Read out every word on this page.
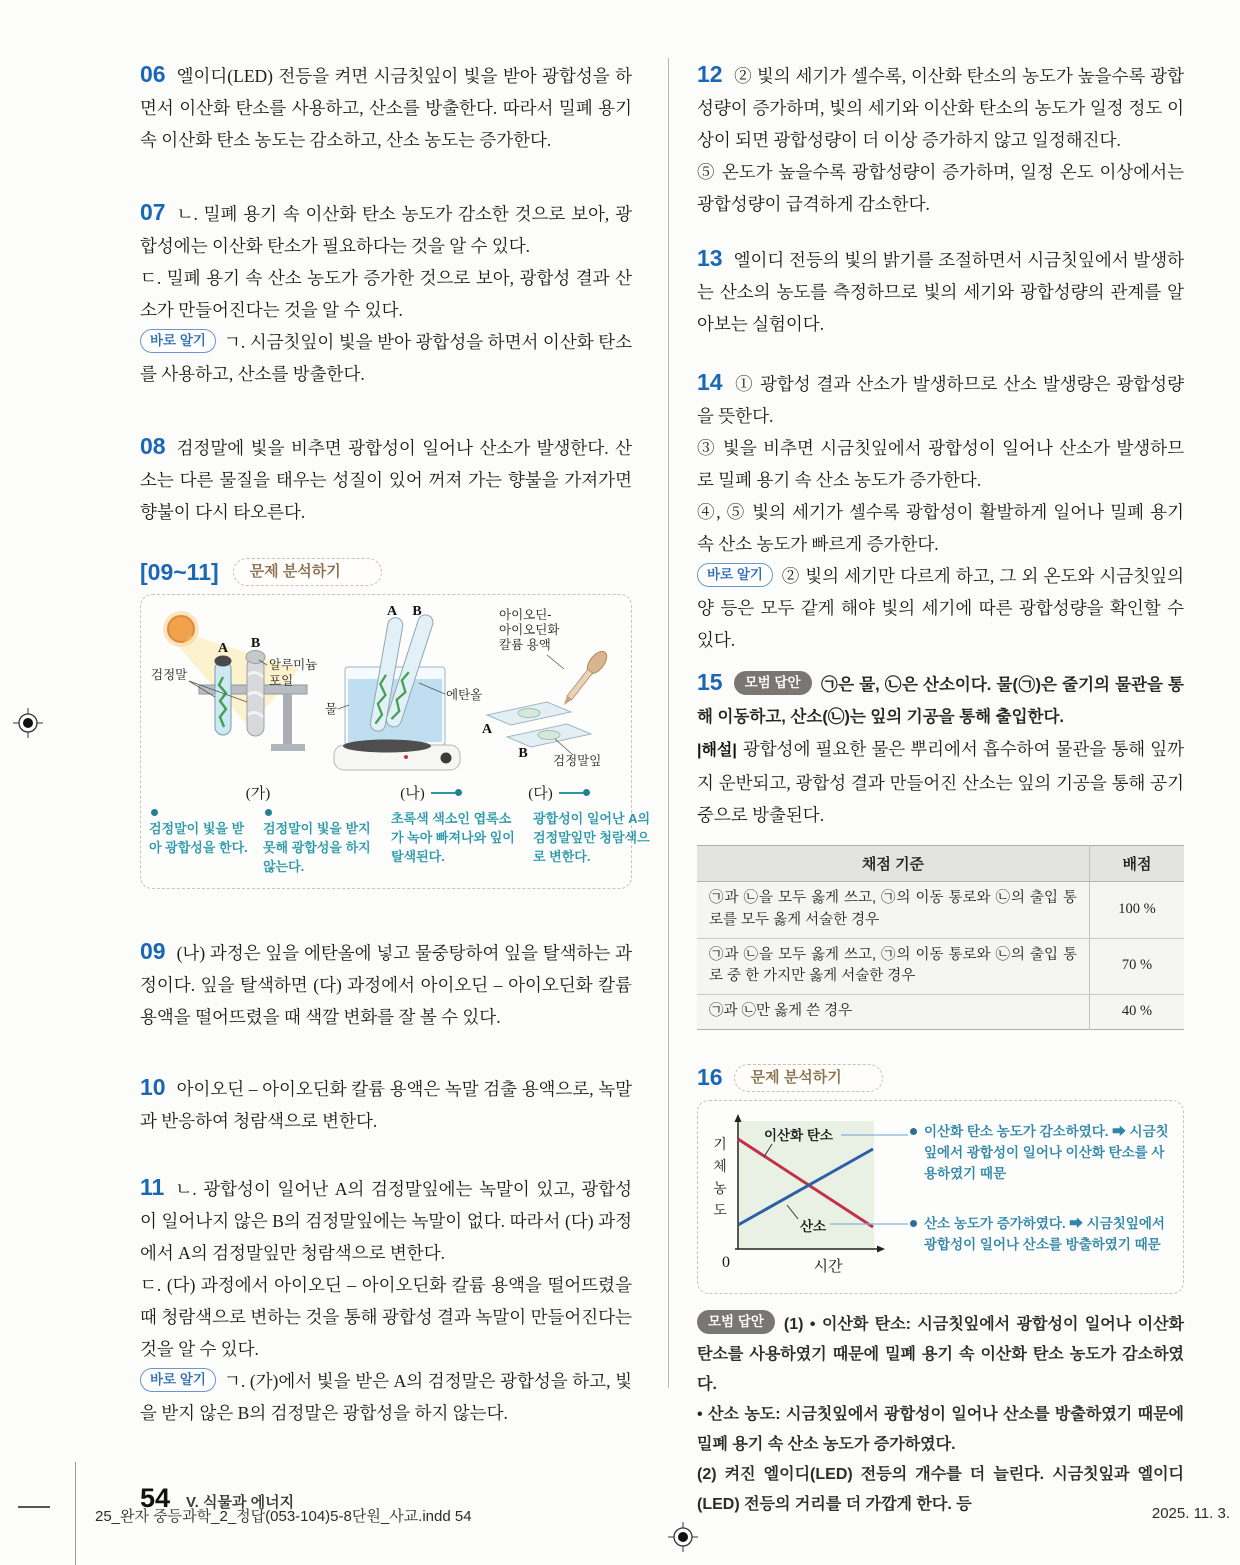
06 엘이디(LED) 전등을 켜면 시금칫잎이 빛을 받아 광합성을 하면서 이산화 탄소를 사용하고, 산소를 방출한다. 따라서 밀폐 용기 속 이산화 탄소 농도는 감소하고, 산소 농도는 증가한다.
07 ㄴ. 밀폐 용기 속 이산화 탄소 농도가 감소한 것으로 보아, 광합성에는 이산화 탄소가 필요하다는 것을 알 수 있다.
ㄷ. 밀폐 용기 속 산소 농도가 증가한 것으로 보아, 광합성 결과 산소가 만들어진다는 것을 알 수 있다.
바로 알기 ㄱ. 시금칫잎이 빛을 받아 광합성을 하면서 이산화 탄소를 사용하고, 산소를 방출한다.
08 검정말에 빛을 비추면 광합성이 일어나 산소가 발생한다. 산소는 다른 물질을 태우는 성질이 있어 꺼져 가는 향불을 가져가면 향불이 다시 타오른다.
[09~11]	문제 분석하기
A B
검정말
알루미늄
포일
A B
물
에탄올
아이오딘-
아이오딘화
칼륨 용액
A
B 검정말잎
(가)	(나)	(다)
검정말이 빛을 받아 광합성을 한다.
검정말이 빛을 받지 못해 광합성을 하지 않는다.
초록색 색소인 엽록소가 녹아 빠져나와 잎이 탈색된다.
광합성이 일어난 A의 검정말잎만 청람색으로 변한다.
09 (나) 과정은 잎을 에탄올에 넣고 물중탕하여 잎을 탈색하는 과정이다. 잎을 탈색하면 (다) 과정에서 아이오딘 – 아이오딘화 칼륨 용액을 떨어뜨렸을 때 색깔 변화를 잘 볼 수 있다.
10 아이오딘 – 아이오딘화 칼륨 용액은 녹말 검출 용액으로, 녹말과 반응하여 청람색으로 변한다.
11 ㄴ. 광합성이 일어난 A의 검정말잎에는 녹말이 있고, 광합성이 일어나지 않은 B의 검정말잎에는 녹말이 없다. 따라서 (다) 과정에서 A의 검정말잎만 청람색으로 변한다.
ㄷ. (다) 과정에서 아이오딘 – 아이오딘화 칼륨 용액을 떨어뜨렸을 때 청람색으로 변하는 것을 통해 광합성 결과 녹말이 만들어진다는 것을 알 수 있다.
바로 알기 ㄱ. (가)에서 빛을 받은 A의 검정말은 광합성을 하고, 빛을 받지 않은 B의 검정말은 광합성을 하지 않는다.
54 V. 식물과 에너지
12 ② 빛의 세기가 셀수록, 이산화 탄소의 농도가 높을수록 광합성량이 증가하며, 빛의 세기와 이산화 탄소의 농도가 일정 정도 이상이 되면 광합성량이 더 이상 증가하지 않고 일정해진다.
⑤ 온도가 높을수록 광합성량이 증가하며, 일정 온도 이상에서는 광합성량이 급격하게 감소한다.
13 엘이디 전등의 빛의 밝기를 조절하면서 시금칫잎에서 발생하는 산소의 농도를 측정하므로 빛의 세기와 광합성량의 관계를 알아보는 실험이다.
14 ① 광합성 결과 산소가 발생하므로 산소 발생량은 광합성량을 뜻한다.
③ 빛을 비추면 시금칫잎에서 광합성이 일어나 산소가 발생하므로 밀폐 용기 속 산소 농도가 증가한다.
④, ⑤ 빛의 세기가 셀수록 광합성이 활발하게 일어나 밀폐 용기 속 산소 농도가 빠르게 증가한다.
바로 알기 ② 빛의 세기만 다르게 하고, 그 외 온도와 시금칫잎의 양 등은 모두 같게 해야 빛의 세기에 따른 광합성량을 확인할 수 있다.
15 모범 답안 ㉠은 물, ㉡은 산소이다. 물(㉠)은 줄기의 물관을 통해 이동하고, 산소(㉡)는 잎의 기공을 통해 출입한다.
|해설| 광합성에 필요한 물은 뿌리에서 흡수하여 물관을 통해 잎까지 운반되고, 광합성 결과 만들어진 산소는 잎의 기공을 통해 공기 중으로 방출된다.
채점 기준	배점
㉠과 ㉡을 모두 옳게 쓰고, ㉠의 이동 통로와 ㉡의 출입 통로를 모두 옳게 서술한 경우	100 %
㉠과 ㉡을 모두 옳게 쓰고, ㉠의 이동 통로와 ㉡의 출입 통로 중 한 가지만 옳게 서술한 경우	70 %
㉠과 ㉡만 옳게 쓴 경우	40 %
16	문제 분석하기
이산화 탄소
산소
0	시간
기
체
농
도
이산화 탄소 농도가 감소하였다. ➡ 시금칫잎에서 광합성이 일어나 이산화 탄소를 사용하였기 때문
산소 농도가 증가하였다. ➡ 시금칫잎에서 광합성이 일어나 산소를 방출하였기 때문
모범 답안 (1) • 이산화 탄소: 시금칫잎에서 광합성이 일어나 이산화 탄소를 사용하였기 때문에 밀폐 용기 속 이산화 탄소 농도가 감소하였다.
• 산소 농도: 시금칫잎에서 광합성이 일어나 산소를 방출하였기 때문에 밀폐 용기 속 산소 농도가 증가하였다.
(2) 켜진 엘이디(LED) 전등의 개수를 더 늘린다. 시금칫잎과 엘이디(LED) 전등의 거리를 더 가깝게 한다. 등
25_완자 중등과학_2_정답(053-104)5-8단원_사교.indd 54	2025. 11. 3.
